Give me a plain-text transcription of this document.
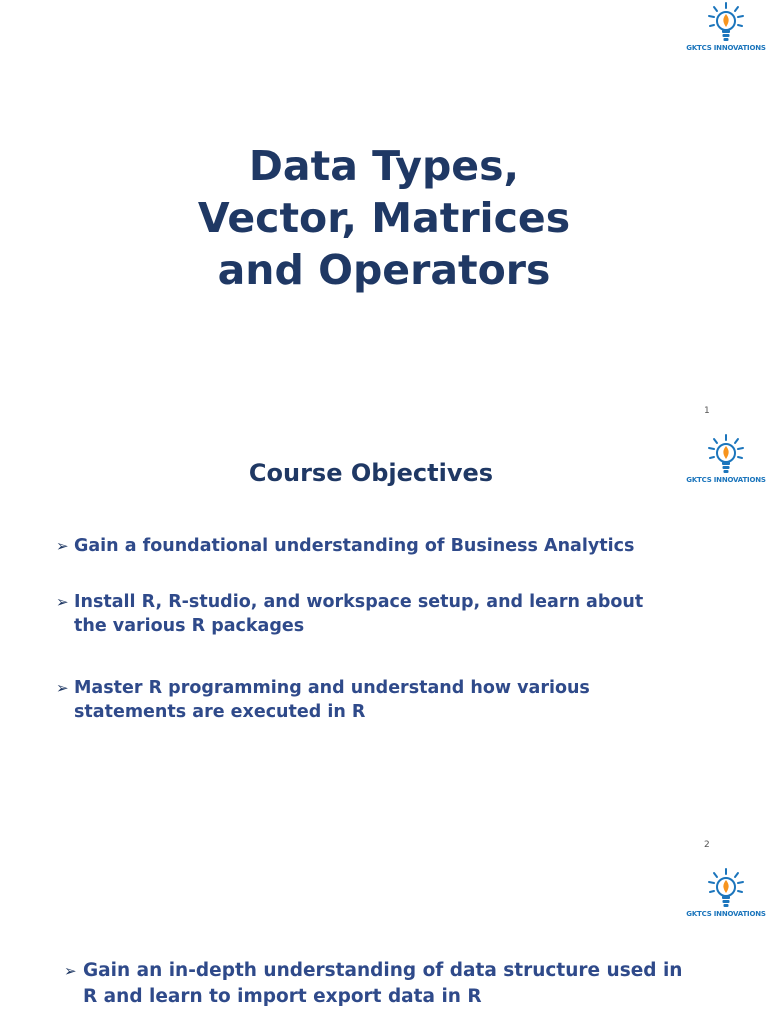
GKTCS INNOVATIONS
Data Types,
Vector, Matrices
and Operators
1
GKTCS INNOVATIONS
Course Objectives
➢ Gain a foundational understanding of Business Analytics
➢ Install R, R-studio, and workspace setup, and learn about
the various R packages
➢ Master R programming and understand how various
statements are executed in R
2
GKTCS INNOVATIONS
➢ Gain an in-depth understanding of data structure used in
R and learn to import export data in R
